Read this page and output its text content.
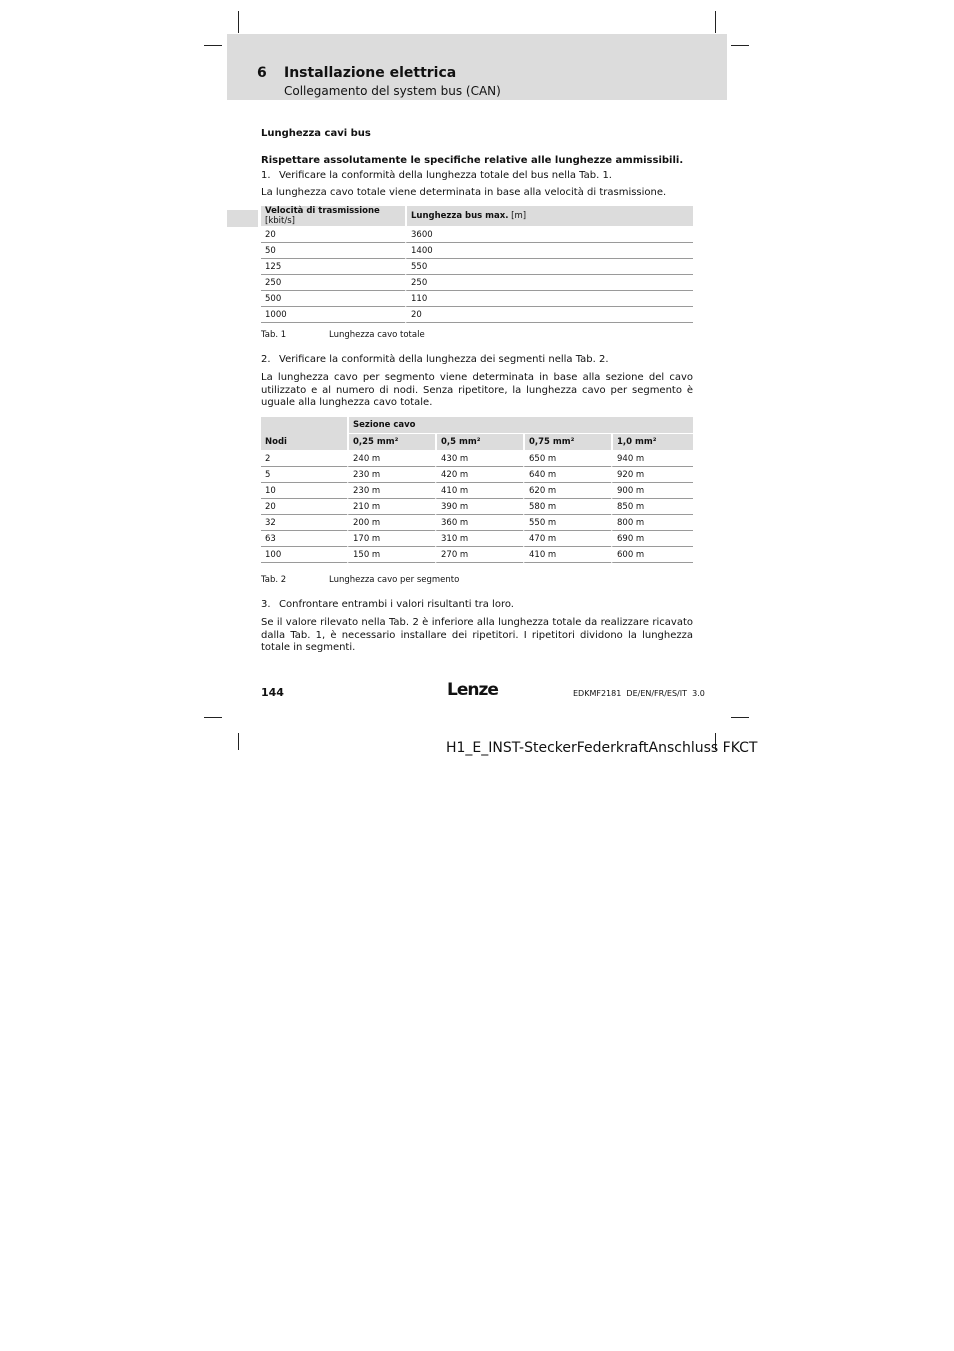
6 Installazione elettrica
Collegamento del system bus (CAN)
Lunghezza cavi bus
Rispettare assolutamente le specifiche relative alle lunghezze ammissibili.
1. Verificare la conformità della lunghezza totale del bus nella Tab. 1.
La lunghezza cavo totale viene determinata in base alla velocità di trasmissione.
Velocità di trasmissione [kbit/s]	Lunghezza bus max. [m]
20	3600
50	1400
125	550
250	250
500	110
1000	20
Tab. 1	Lunghezza cavo totale
2. Verificare la conformità della lunghezza dei segmenti nella Tab. 2.
La lunghezza cavo per segmento viene determinata in base alla sezione del cavo utilizzato e al numero di nodi. Senza ripetitore, la lunghezza cavo per segmento è uguale alla lunghezza cavo totale.
Nodi	Sezione cavo			
	0,25 mm²	0,5 mm²	0,75 mm²	1,0 mm²
2	240 m	430 m	650 m	940 m
5	230 m	420 m	640 m	920 m
10	230 m	410 m	620 m	900 m
20	210 m	390 m	580 m	850 m
32	200 m	360 m	550 m	800 m
63	170 m	310 m	470 m	690 m
100	150 m	270 m	410 m	600 m
Tab. 2	Lunghezza cavo per segmento
3. Confrontare entrambi i valori risultanti tra loro.
Se il valore rilevato nella Tab. 2 è inferiore alla lunghezza totale da realizzare ricavato dalla Tab. 1, è necessario installare dei ripetitori. I ripetitori dividono la lunghezza totale in segmenti.
144	Lenze	EDKMF2181  DE/EN/FR/ES/IT  3.0
H1_E_INST-SteckerFederkraftAnschluss FKCT
